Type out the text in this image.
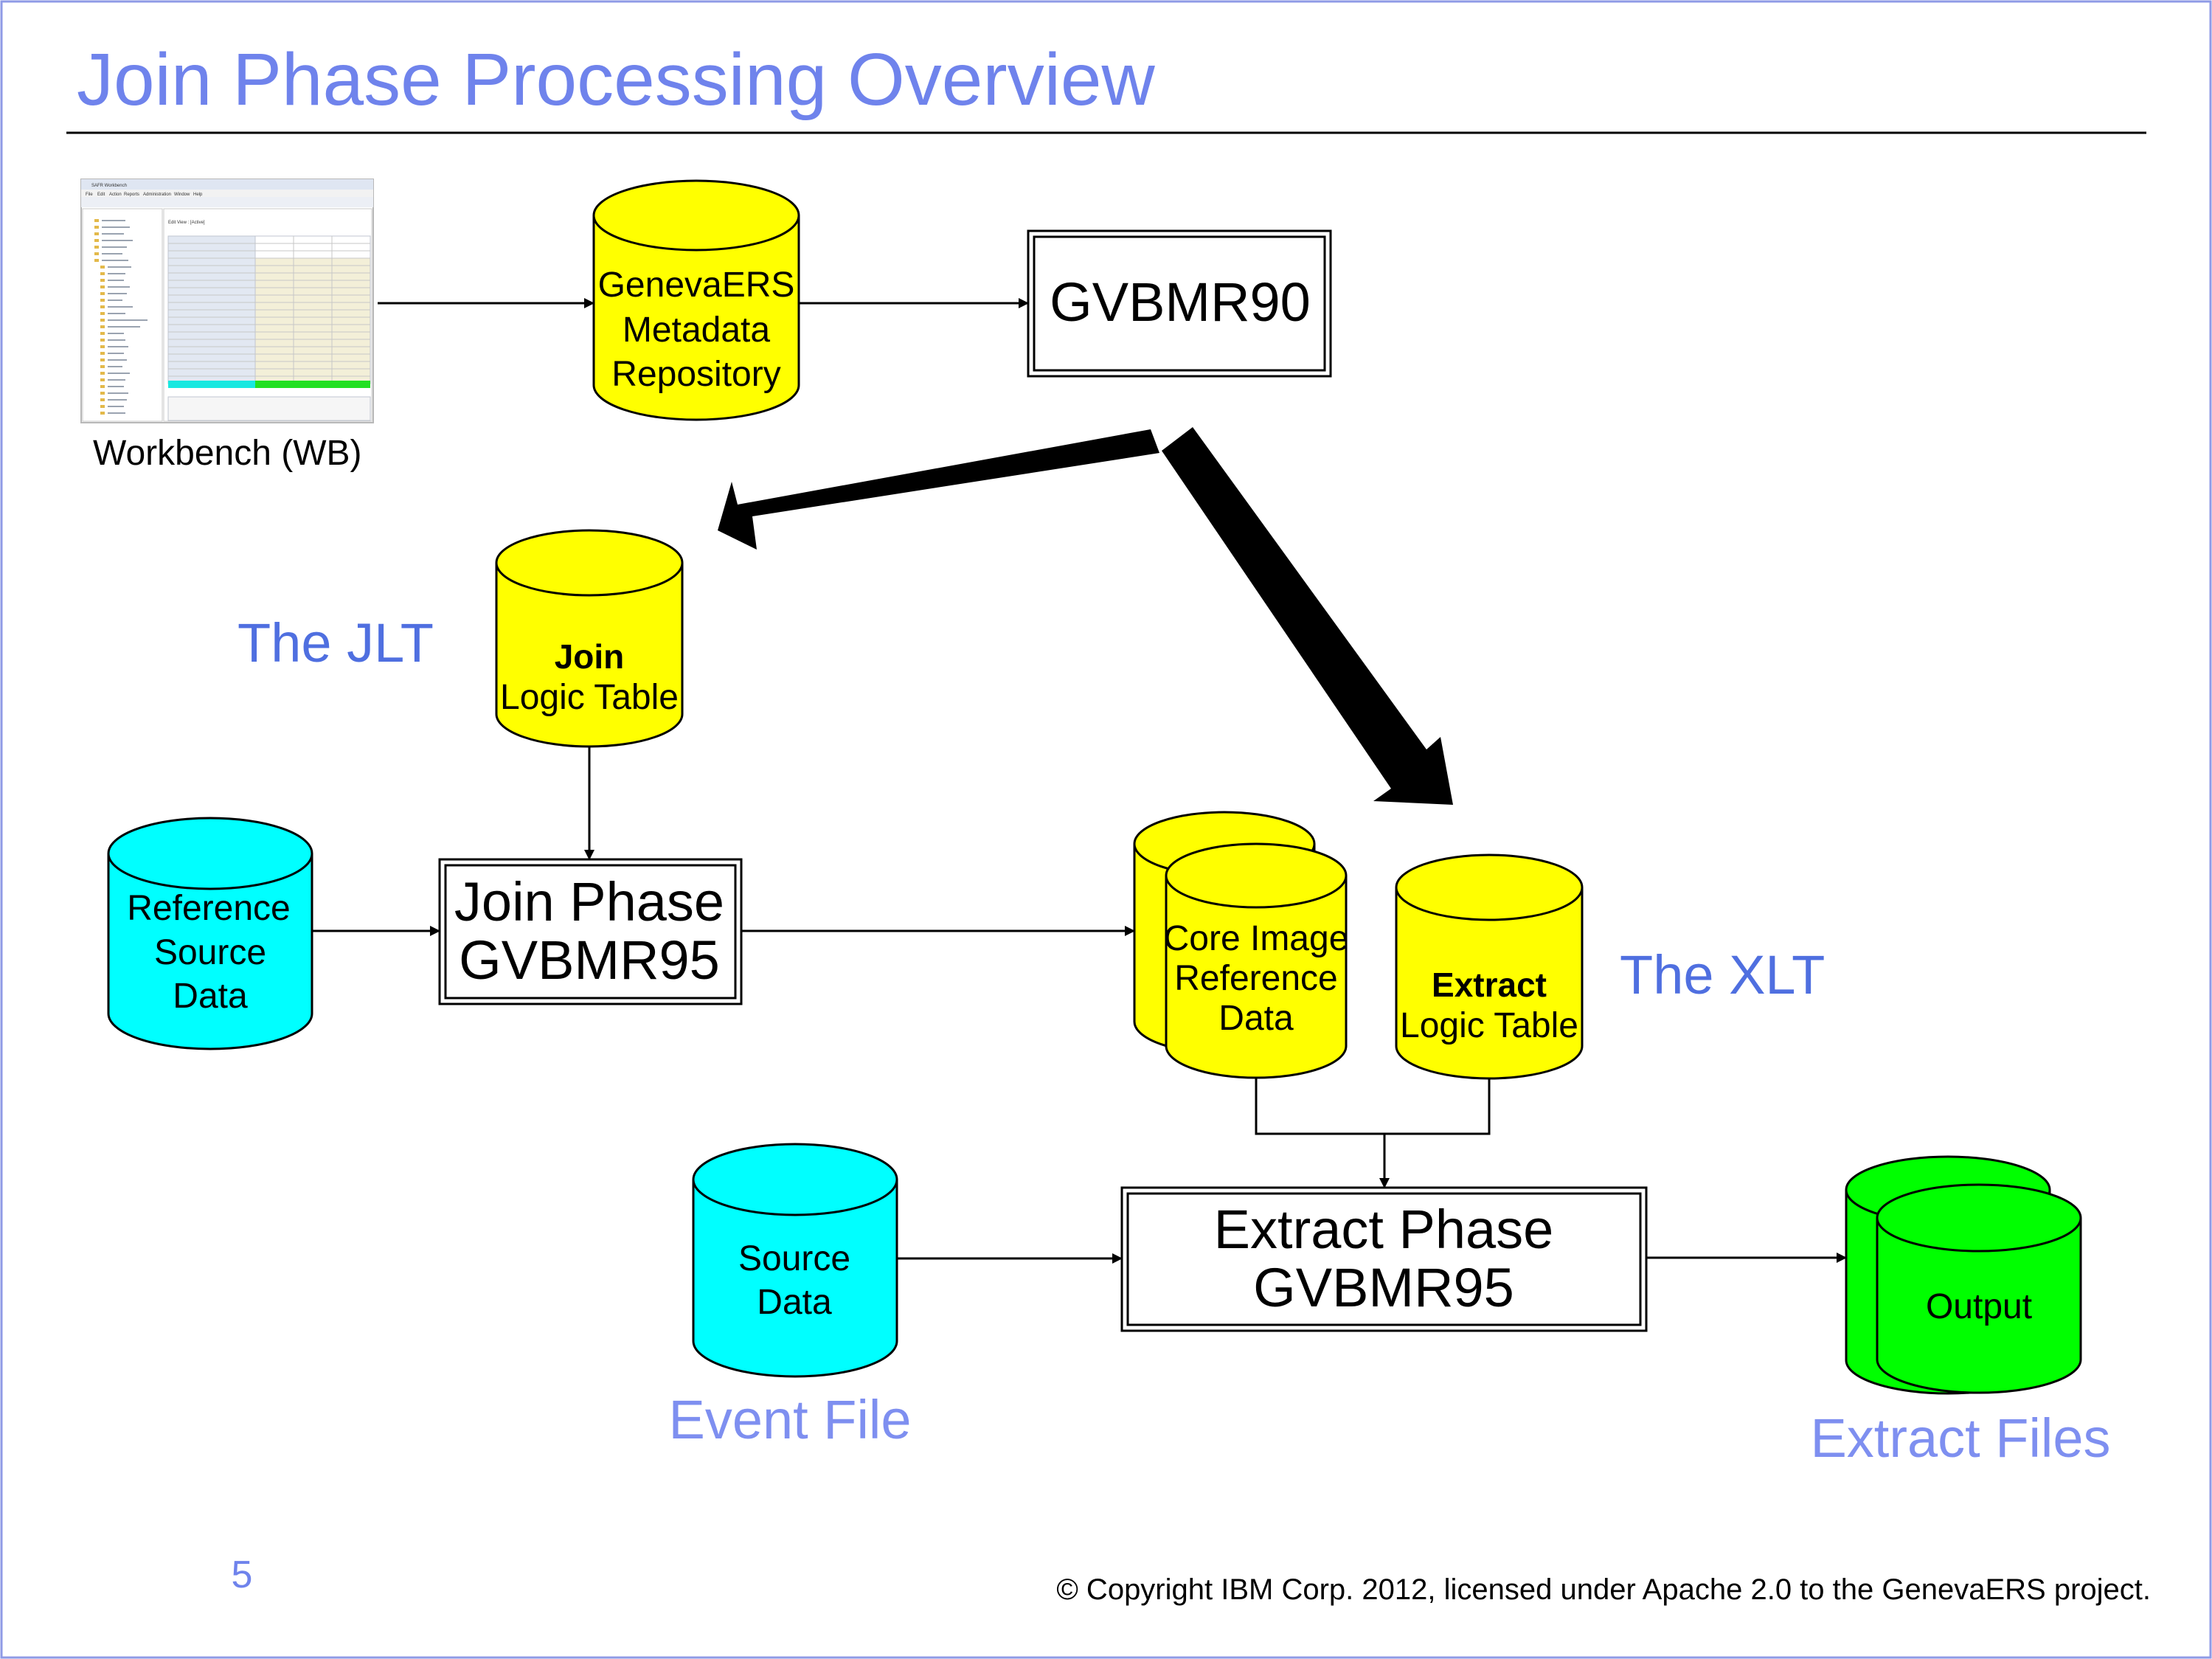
Join Phase Processing Overview
SAFR Workbench
File Edit Action Reports Administration Window Help
Edit View : [Active]
Workbench (WB)
GenevaERS
Metadata
Repository
GVBMR90
Join
Logic Table
The JLT
Reference
Source
Data
Join Phase
GVBMR95	Core Image
Reference
Data
Extract
Logic Table
The XLT
Source
Data
Event File
Extract Phase
GVBMR95	Output
Extract Files
5	© Copyright IBM Corp. 2012, licensed under Apache 2.0 to the GenevaERS project.
